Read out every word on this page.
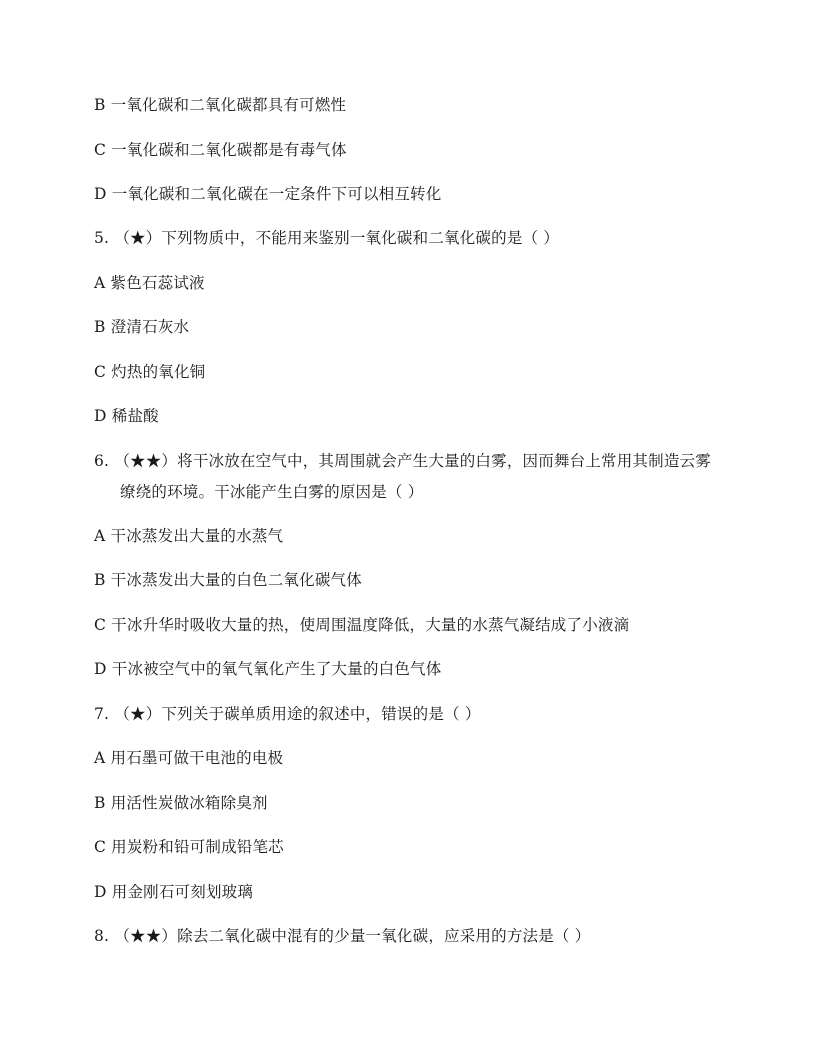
B 一氧化碳和二氧化碳都具有可燃性
C 一氧化碳和二氧化碳都是有毒气体
D 一氧化碳和二氧化碳在一定条件下可以相互转化
5. （★）下列物质中，不能用来鉴别一氧化碳和二氧化碳的是（ ）
A 紫色石蕊试液
B 澄清石灰水
C 灼热的氧化铜
D 稀盐酸
6. （★★）将干冰放在空气中，其周围就会产生大量的白雾，因而舞台上常用其制造云雾
缭绕的环境。干冰能产生白雾的原因是（ ）
A 干冰蒸发出大量的水蒸气
B 干冰蒸发出大量的白色二氧化碳气体
C 干冰升华时吸收大量的热，使周围温度降低，大量的水蒸气凝结成了小液滴
D 干冰被空气中的氧气氧化产生了大量的白色气体
7. （★）下列关于碳单质用途的叙述中，错误的是（ ）
A 用石墨可做干电池的电极
B 用活性炭做冰箱除臭剂
C 用炭粉和铅可制成铅笔芯
D 用金刚石可刻划玻璃
8. （★★）除去二氧化碳中混有的少量一氧化碳，应采用的方法是（ ）
